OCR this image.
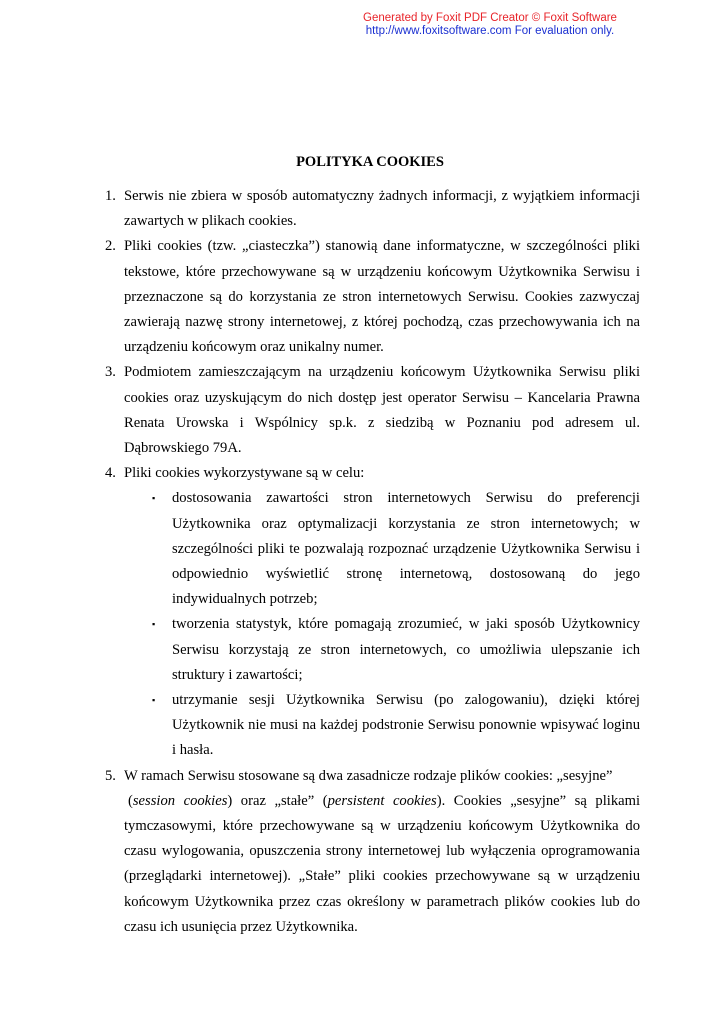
Generated by Foxit PDF Creator © Foxit Software
http://www.foxitsoftware.com For evaluation only.
POLITYKA COOKIES
1. Serwis nie zbiera w sposób automatyczny żadnych informacji, z wyjątkiem informacji zawartych w plikach cookies.

2. Pliki cookies (tzw. „ciasteczka”) stanowią dane informatyczne, w szczególności pliki tekstowe, które przechowywane są w urządzeniu końcowym Użytkownika Serwisu i przeznaczone są do korzystania ze stron internetowych Serwisu. Cookies zazwyczaj zawierają nazwę strony internetowej, z której pochodzą, czas przechowywania ich na urządzeniu końcowym oraz unikalny numer.

3. Podmiotem zamieszczającym na urządzeniu końcowym Użytkownika Serwisu pliki cookies oraz uzyskującym do nich dostęp jest operator Serwisu – Kancelaria Prawna Renata Urowska i Wspólnicy sp.k. z siedzibą w Poznaniu pod adresem ul. Dąbrowskiego 79A.

4. Pliki cookies wykorzystywane są w celu:

▪	dostosowania zawartości stron internetowych Serwisu do preferencji Użytkownika oraz optymalizacji korzystania ze stron internetowych; w szczególności pliki te pozwalają rozpoznać urządzenie Użytkownika Serwisu i odpowiednio wyświetlić stronę internetową, dostosowaną do jego indywidualnych potrzeb;
▪	tworzenia statystyk, które pomagają zrozumieć, w jaki sposób Użytkownicy Serwisu korzystają ze stron internetowych, co umożliwia ulepszanie ich struktury i zawartości;
▪	utrzymanie sesji Użytkownika Serwisu (po zalogowaniu), dzięki której Użytkownik nie musi na każdej podstronie Serwisu ponownie wpisywać loginu i hasła.
5. W ramach Serwisu stosowane są dwa zasadnicze rodzaje plików cookies: „sesyjne”
(session cookies) oraz „stałe” (persistent cookies). Cookies „sesyjne” są plikami tymczasowymi, które przechowywane są w urządzeniu końcowym Użytkownika do czasu wylogowania, opuszczenia strony internetowej lub wyłączenia oprogramowania (przeglądarki internetowej). „Stałe” pliki cookies przechowywane są w urządzeniu końcowym Użytkownika przez czas określony w parametrach plików cookies lub do czasu ich usunięcia przez Użytkownika.
